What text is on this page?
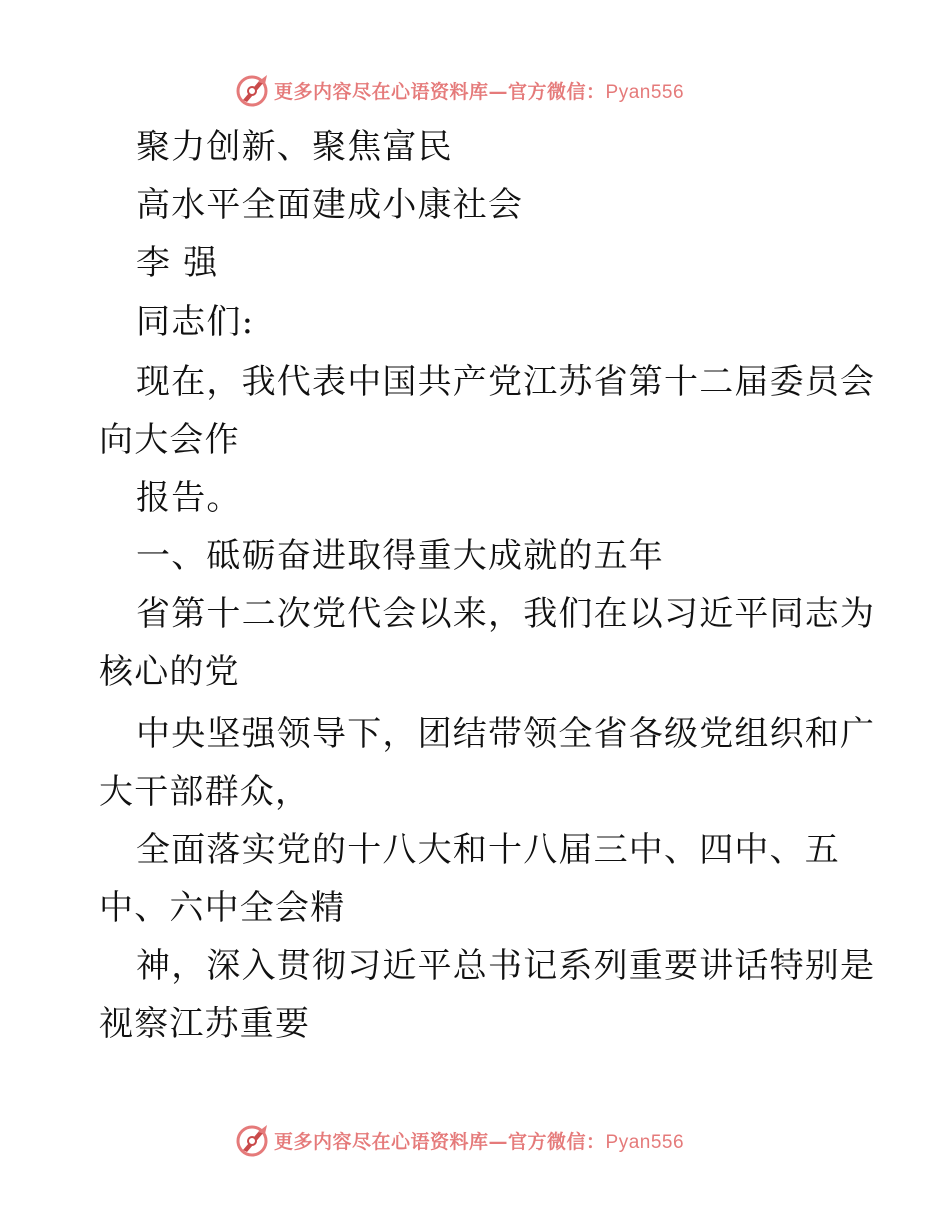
更多内容尽在心语资料库—官方微信：Pyan556
聚力创新、聚焦富民
高水平全面建成小康社会
李 强
同志们:
现在，我代表中国共产党江苏省第十二届委员会
向大会作
报告。
一、砥砺奋进取得重大成就的五年
省第十二次党代会以来，我们在以习近平同志为
核心的党
中央坚强领导下，团结带领全省各级党组织和广
大干部群众，
全面落实党的十八大和十八届三中、四中、五
中、六中全会精
神，深入贯彻习近平总书记系列重要讲话特别是
视察江苏重要
更多内容尽在心语资料库—官方微信：Pyan556
